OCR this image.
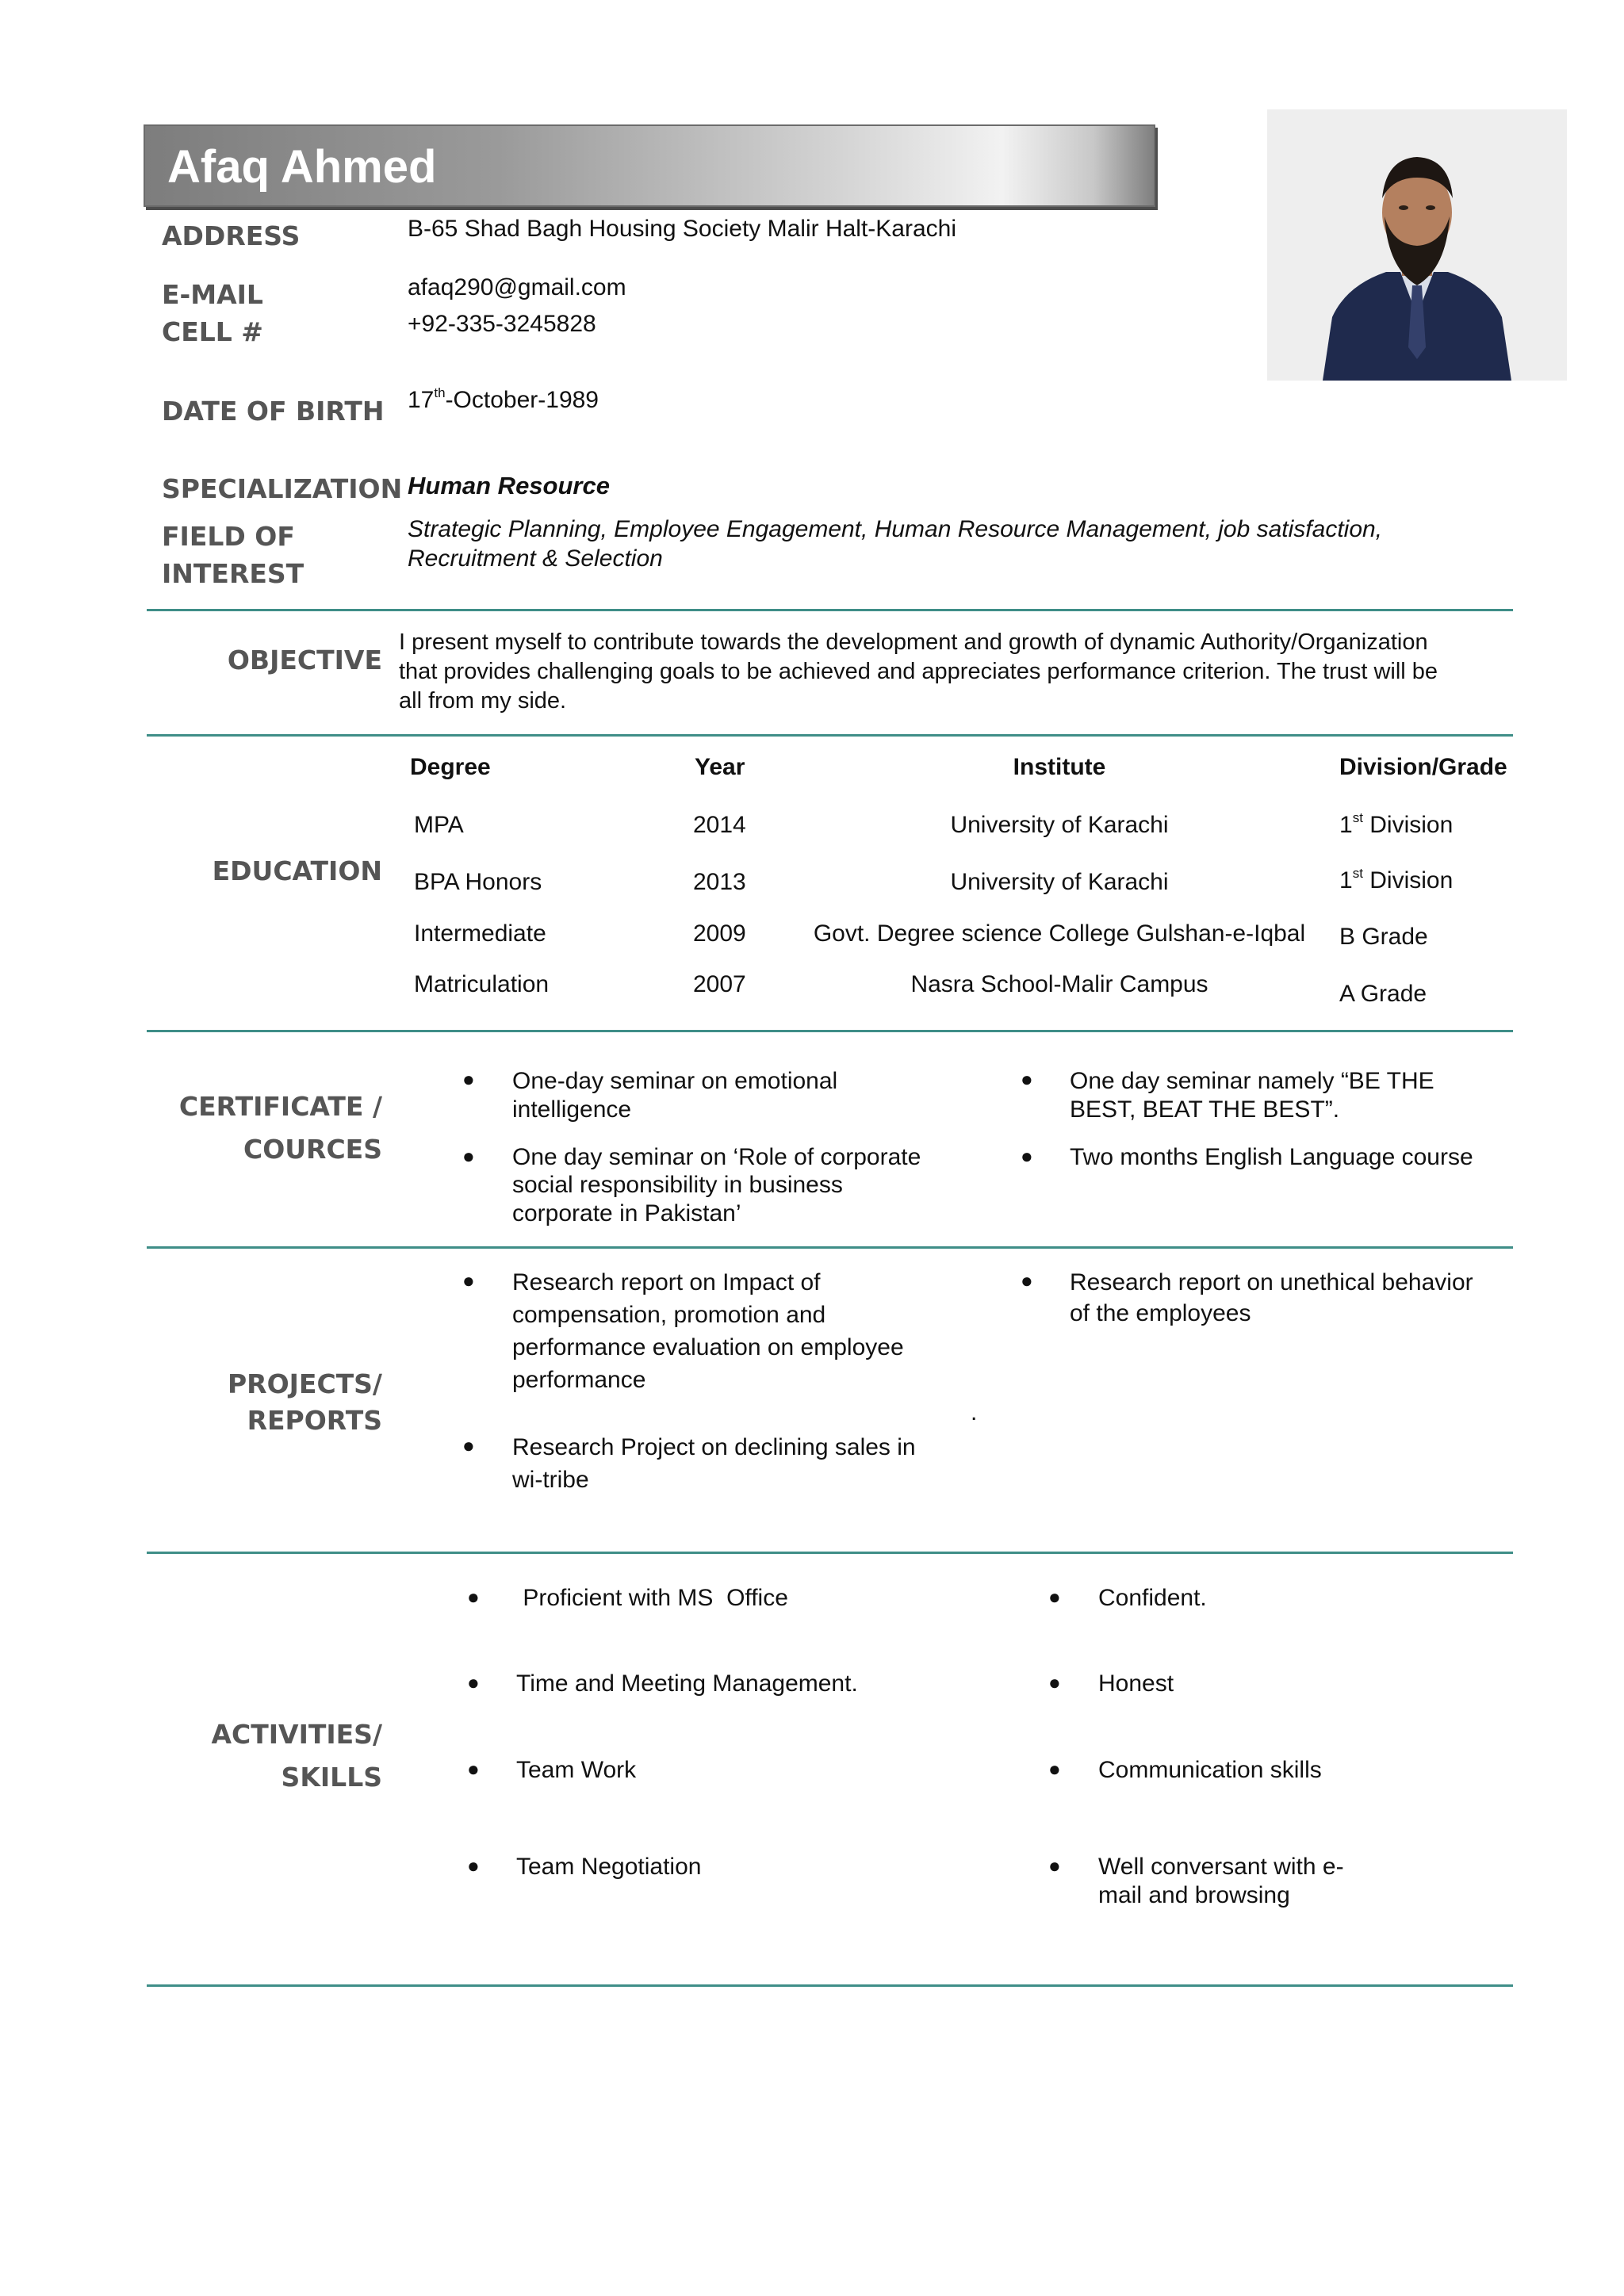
Afaq Ahmed
ADDRESS	B-65 Shad Bagh Housing Society Malir Halt-Karachi
E-MAIL	afaq290@gmail.com
CELL #	+92-335-3245828
DATE OF BIRTH 17th-October-1989
SPECIALIZATION Human Resource
FIELD OF
INTEREST
Strategic Planning, Employee Engagement, Human Resource Management, job satisfaction,
Recruitment & Selection
OBJECTIVE
I present myself to contribute towards the development and growth of dynamic Authority/Organization
that provides challenging goals to be achieved and appreciates performance criterion. The trust will be
all from my side.
EDUCATION
Degree	Year	Institute	Division/Grade
MPA	2014	University of Karachi	1st Division
BPA Honors	2013	University of Karachi	1st Division
Intermediate	2009	Govt. Degree science College Gulshan-e-Iqbal	B Grade
Matriculation	2007	Nasra School-Malir Campus	A Grade
CERTIFICATE /
COURCES
● One-day seminar on emotional
intelligence
● One day seminar on ‘Role of corporate
social responsibility in business
corporate in Pakistan’
● One day seminar namely “BE THE
BEST, BEAT THE BEST”.
● Two months English Language course
PROJECTS/
REPORTS
● Research report on Impact of
compensation, promotion and
performance evaluation on employee
performance
● Research Project on declining sales in
wi-tribe
● Research report on unethical behavior
of the employees
.
ACTIVITIES/
SKILLS
● Proficient with MS  Office
● Time and Meeting Management.
● Team Work
● Team Negotiation
● Confident.
● Honest
● Communication skills
● Well conversant with e-
mail and browsing
